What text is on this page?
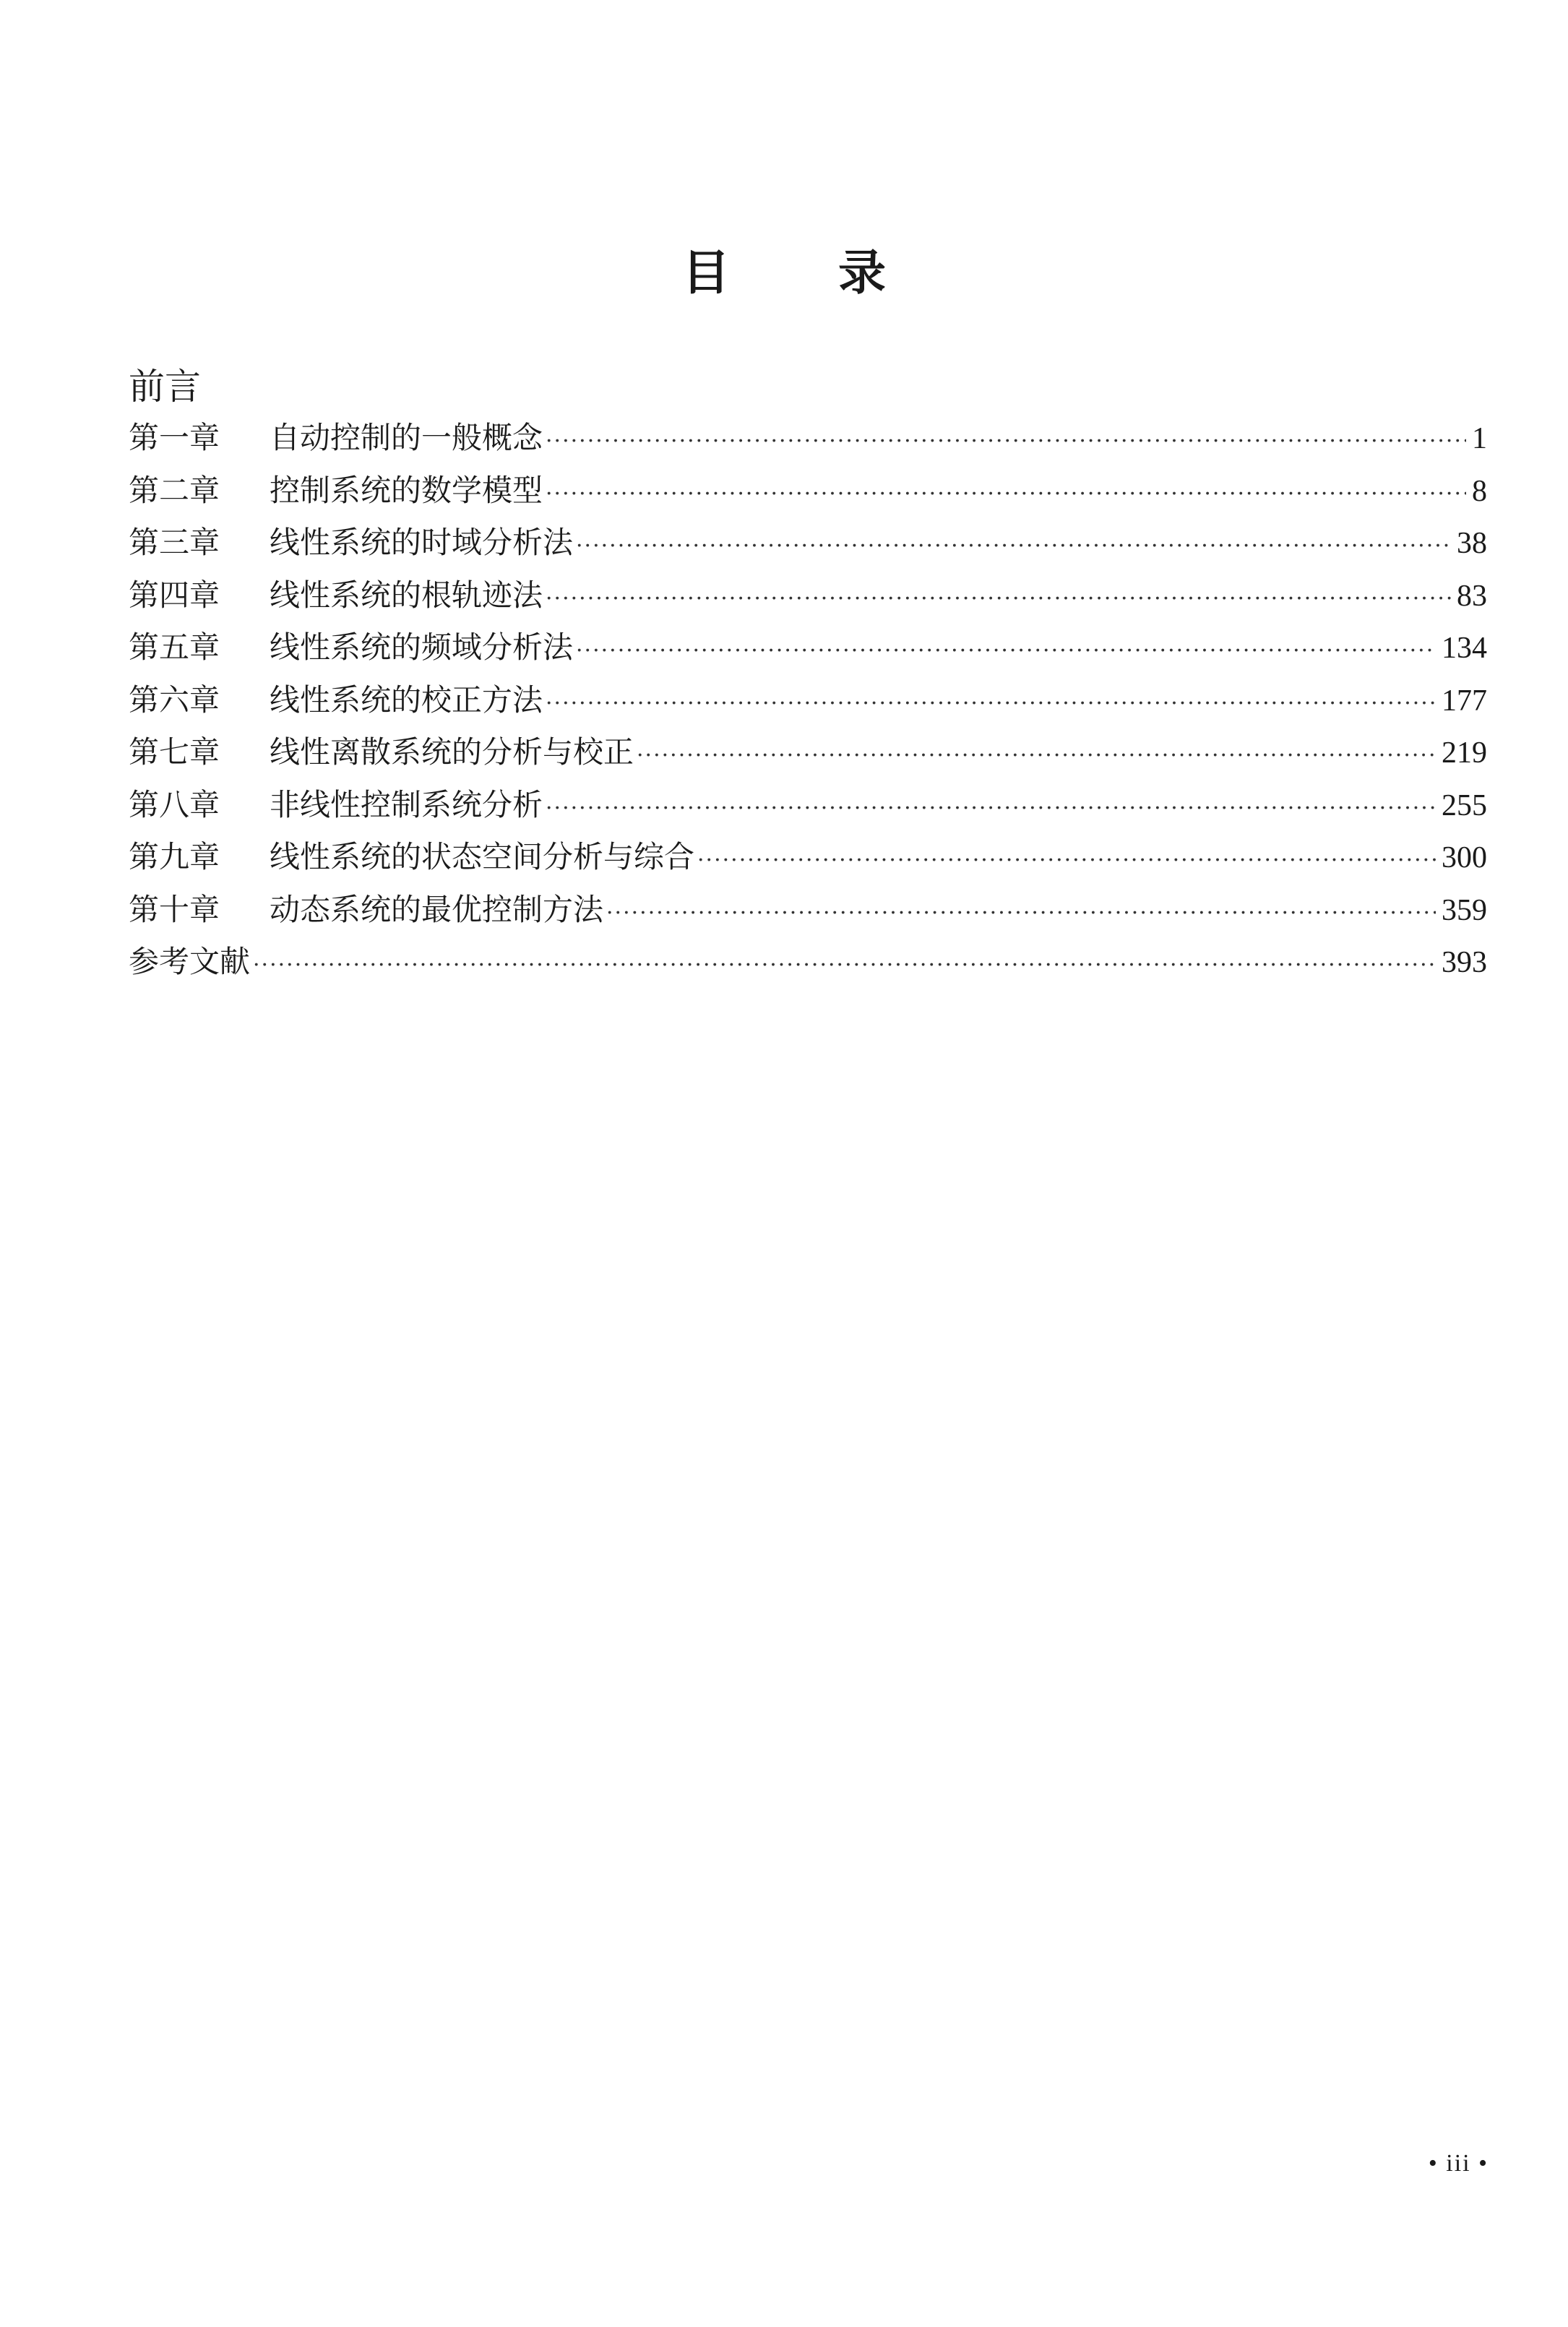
目 录
前言
第一章	自动控制的一般概念 ·····	1
第二章	控制系统的数学模型 ·····	8
第三章	线性系统的时域分析法 ·····	38
第四章	线性系统的根轨迹法 ·····	83
第五章	线性系统的频域分析法 ·····	134
第六章	线性系统的校正方法 ·····	177
第七章	线性离散系统的分析与校正 ·····	219
第八章	非线性控制系统分析 ·····	255
第九章	线性系统的状态空间分析与综合 ·····	300
第十章	动态系统的最优控制方法 ·····	359
参考文献 ·····	393
• iii •
